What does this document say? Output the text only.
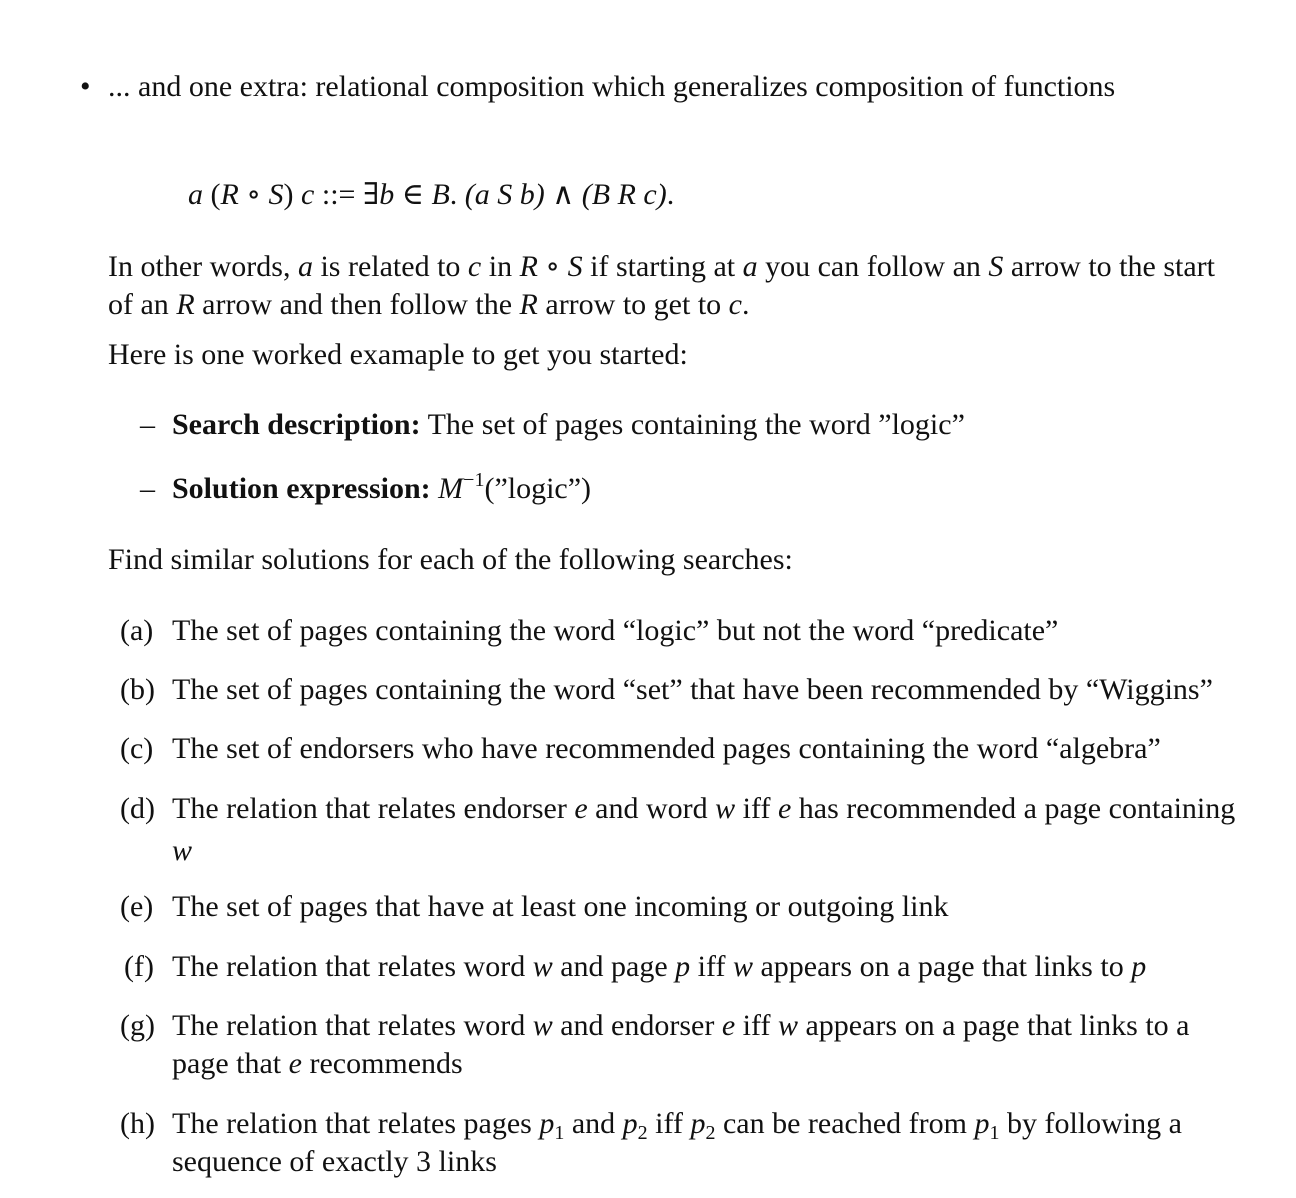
• ... and one extra: relational composition which generalizes composition of functions
a (R ∘ S) c ::= ∃b ∈ B. (a S b) ∧ (B R c).
In other words, a is related to c in R ∘ S if starting at a you can follow an S arrow to the start
of an R arrow and then follow the R arrow to get to c.
Here is one worked examaple to get you started:
– Search description: The set of pages containing the word ”logic”
– Solution expression: $M^{-1}(”logic”)$
Find similar solutions for each of the following searches:
(a) The set of pages containing the word “logic” but not the word “predicate”
(b) The set of pages containing the word “set” that have been recommended by “Wiggins”
(c) The set of endorsers who have recommended pages containing the word “algebra”
(d) The relation that relates endorser e and word w iff e has recommended a page containing
w
(e) The set of pages that have at least one incoming or outgoing link
(f) The relation that relates word w and page p iff w appears on a page that links to p
(g) The relation that relates word w and endorser e iff w appears on a page that links to a
page that e recommends
(h) The relation that relates pages $p_1$ and $p_2$ iff $p_2$ can be reached from $p_1$ by following a
sequence of exactly 3 links
